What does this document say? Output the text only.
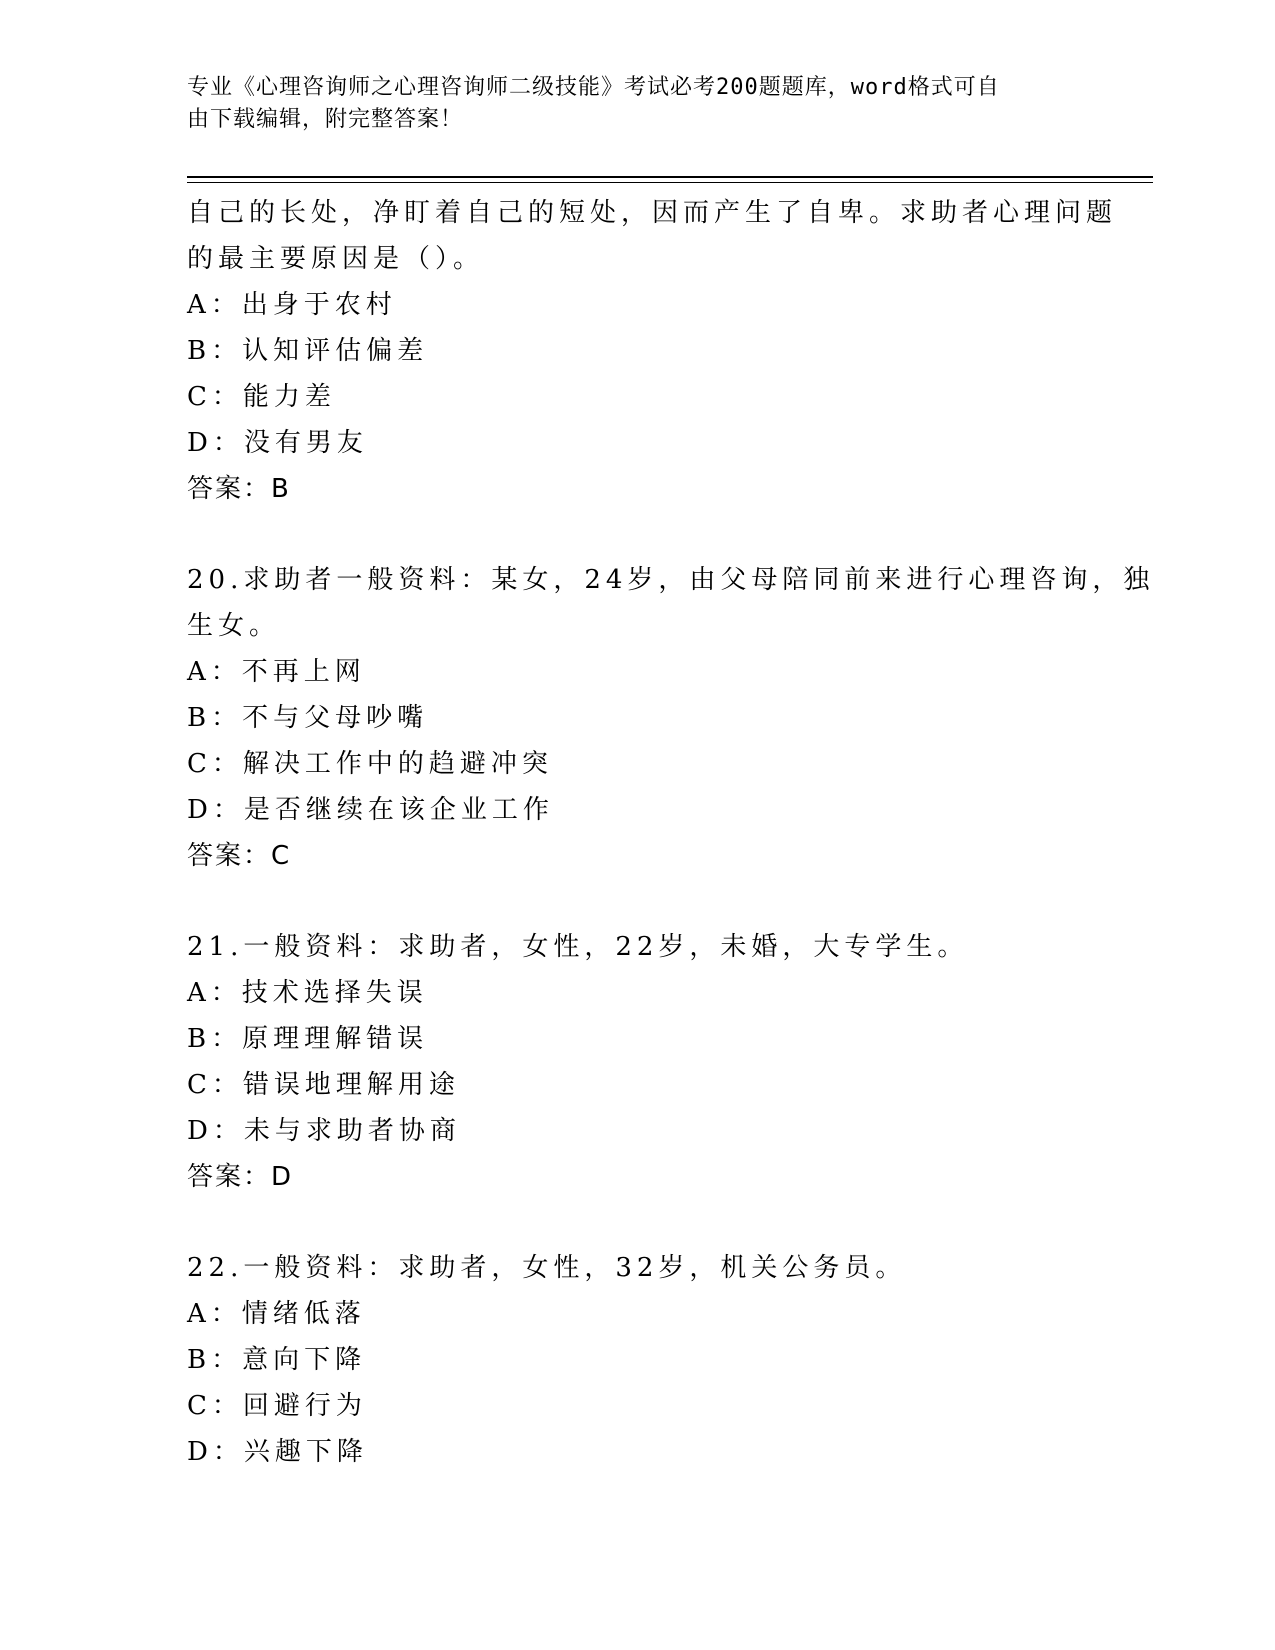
专业《心理咨询师之心理咨询师二级技能》考试必考200题题库，word格式可自
由下载编辑，附完整答案！
自己的长处，净盯着自己的短处，因而产生了自卑。求助者心理问题
的最主要原因是（）。
A：出身于农村
B：认知评估偏差
C：能力差
D：没有男友
答案：B
20.求助者一般资料：某女，24岁，由父母陪同前来进行心理咨询，独
生女。
A：不再上网
B：不与父母吵嘴
C：解决工作中的趋避冲突
D：是否继续在该企业工作
答案：C
21.一般资料：求助者，女性，22岁，未婚，大专学生。
A：技术选择失误
B：原理理解错误
C：错误地理解用途
D：未与求助者协商
答案：D
22.一般资料：求助者，女性，32岁，机关公务员。
A：情绪低落
B：意向下降
C：回避行为
D：兴趣下降
